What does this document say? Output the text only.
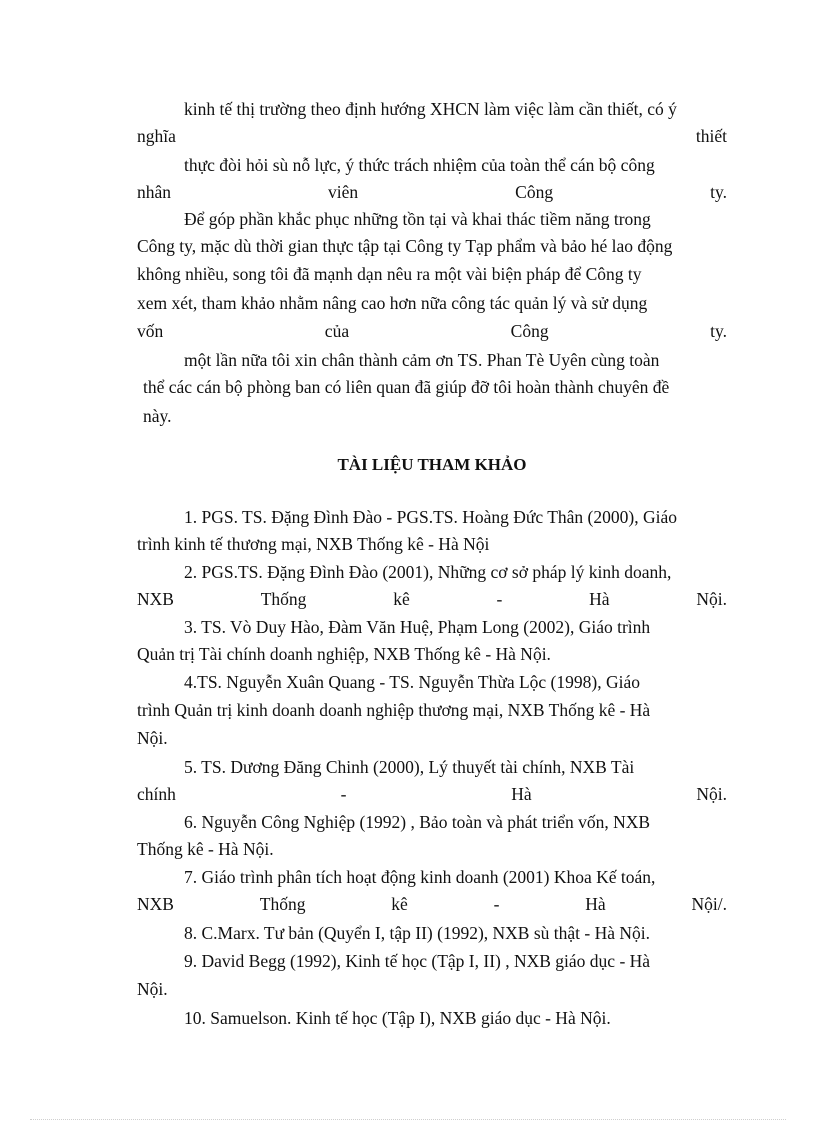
kinh tế thị trường theo định hướng XHCN làm việc làm cần thiết, có ý
nghĩa	thiết
thực đòi hỏi sù nỗ lực, ý thức trách nhiệm của toàn thể cán bộ công
nhân	viên	Công	ty.
Để góp phần khắc phục những tồn tại và khai thác tiềm năng trong
Công ty, mặc dù thời gian thực tập tại Công ty Tạp phẩm và bảo hé lao động
không nhiều, song tôi đã mạnh dạn nêu ra một vài biện pháp để Công ty
xem xét, tham khảo nhằm nâng cao hơn nữa công tác quản lý và sử dụng
vốn	của	Công	ty.
một lần nữa tôi xin chân thành cảm ơn TS. Phan Tè Uyên cùng toàn
thể các cán bộ phòng ban có liên quan đã giúp đỡ tôi hoàn thành chuyên đề
này.
TÀI LIỆU THAM KHẢO
1. PGS. TS. Đặng Đình Đào - PGS.TS. Hoàng Đức Thân (2000), Giáo
trình kinh tế thương mại, NXB Thống kê - Hà Nội
2. PGS.TS. Đặng Đình Đào (2001), Những cơ sở pháp lý kinh doanh,
NXB	Thống	kê	-	Hà	Nội.
3. TS. Vò Duy Hào, Đàm Văn Huệ, Phạm Long (2002), Giáo trình
Quản trị Tài chính doanh nghiệp, NXB Thống kê - Hà Nội.
4.TS. Nguyễn Xuân Quang - TS. Nguyễn Thừa Lộc (1998), Giáo
trình Quản trị kinh doanh doanh nghiệp thương mại, NXB Thống kê - Hà
Nội.
5. TS. Dương Đăng Chinh (2000), Lý thuyết tài chính, NXB Tài
chính	-	Hà	Nội.
6. Nguyễn Công Nghiệp (1992) , Bảo toàn và phát triển vốn, NXB
Thống kê - Hà Nội.
7. Giáo trình phân tích hoạt động kinh doanh (2001) Khoa Kế toán,
NXB	Thống	kê	-	Hà	Nội/.
8. C.Marx. Tư bản (Quyển I, tập II) (1992), NXB sù thật - Hà Nội.
9. David Begg (1992), Kinh tế học (Tập I, II) , NXB giáo dục - Hà
Nội.
10. Samuelson. Kinh tế học (Tập I), NXB giáo dục - Hà Nội.
